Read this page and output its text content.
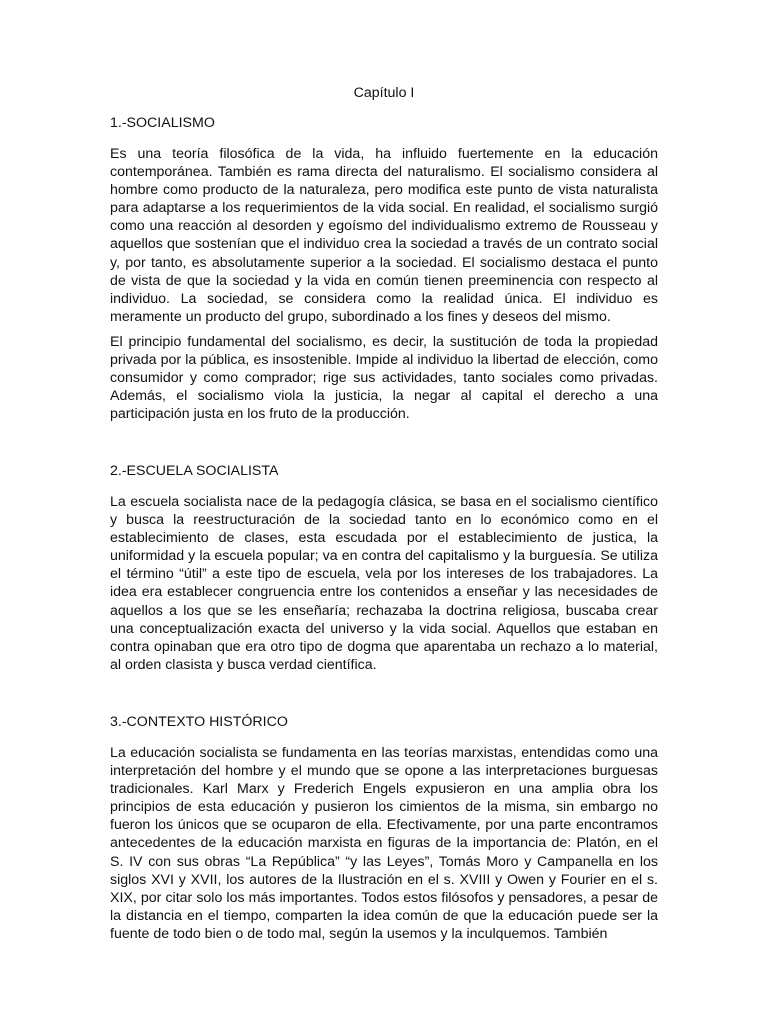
Capítulo I
1.-SOCIALISMO

Es una teoría filosófica de la vida, ha influido fuertemente en la educación contemporánea. También es rama directa del naturalismo. El socialismo considera al hombre como producto de la naturaleza, pero modifica este punto de vista naturalista para adaptarse a los requerimientos de la vida social. En realidad, el socialismo surgió como una reacción al desorden y egoísmo del individualismo extremo de Rousseau y aquellos que sostenían que el individuo crea la sociedad a través de un contrato social y, por tanto, es absolutamente superior a la sociedad. El socialismo destaca el punto de vista de que la sociedad y la vida en común tienen preeminencia con respecto al individuo. La sociedad, se considera como la realidad única. El individuo es meramente un producto del grupo, subordinado a los fines y deseos del mismo.

El principio fundamental del socialismo, es decir, la sustitución de toda la propiedad privada por la pública, es insostenible. Impide al individuo la libertad de elección, como consumidor y como comprador; rige sus actividades, tanto sociales como privadas. Además, el socialismo viola la justicia, la negar al capital el derecho a una participación justa en los fruto de la producción.

2.-ESCUELA SOCIALISTA

La escuela socialista nace de la pedagogía clásica, se basa en el socialismo científico y busca la reestructuración de la sociedad tanto en lo económico como en el establecimiento de clases, esta escudada por el establecimiento de justica, la uniformidad y la escuela popular; va en contra del capitalismo y la burguesía. Se utiliza el término “útil” a este tipo de escuela, vela por los intereses de los trabajadores. La idea era establecer congruencia entre los contenidos a enseñar y las necesidades de aquellos a los que se les enseñaría; rechazaba la doctrina religiosa, buscaba crear una conceptualización exacta del universo y la vida social. Aquellos que estaban en contra opinaban que era otro tipo de dogma que aparentaba un rechazo a lo material, al orden clasista y busca verdad científica.

3.-CONTEXTO HISTÓRICO

La educación socialista se fundamenta en las teorías marxistas, entendidas como una interpretación del hombre y el mundo que se opone a las interpretaciones burguesas tradicionales. Karl Marx y Frederich Engels expusieron en una amplia obra los principios de esta educación y pusieron los cimientos de la misma, sin embargo no fueron los únicos que se ocuparon de ella. Efectivamente, por una parte encontramos antecedentes de la educación marxista en figuras de la importancia de: Platón, en el S. IV con sus obras “La República” “y las Leyes”, Tomás Moro y Campanella en los siglos XVI y XVII, los autores de la Ilustración en el s. XVIII y Owen y Fourier en el s. XIX, por citar solo los más importantes. Todos estos filósofos y pensadores, a pesar de la distancia en el tiempo, comparten la idea común de que la educación puede ser la fuente de todo bien o de todo mal, según la usemos y la inculquemos. También
